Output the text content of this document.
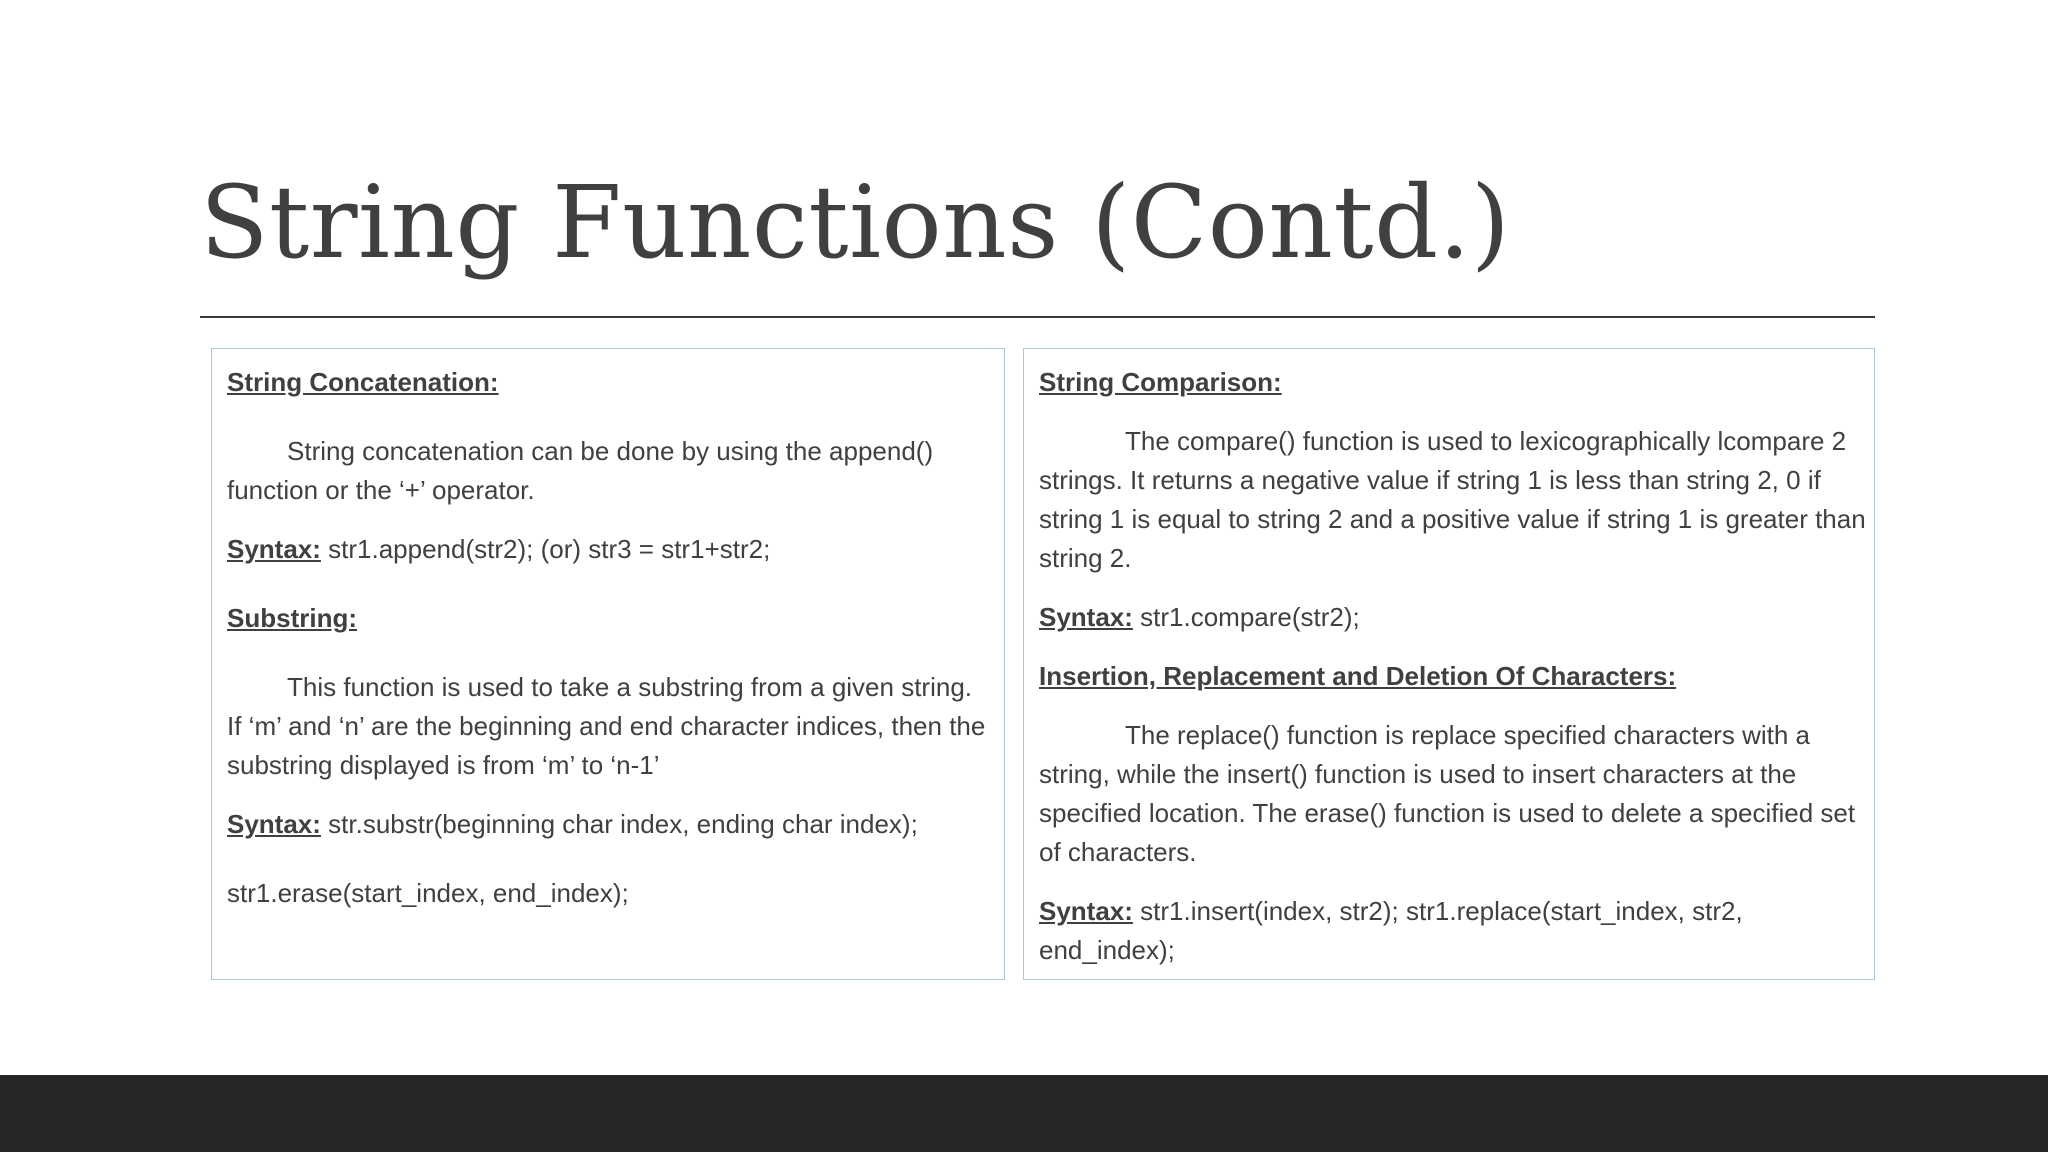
String Functions (Contd.)

String Concatenation:

String concatenation can be done by using the append() function or the ‘+’ operator.

Syntax: str1.append(str2); (or) str3 = str1+str2;

Substring:

This function is used to take a substring from a given string. If ‘m’ and ‘n’ are the beginning and end character indices, then the substring displayed is from ‘m’ to ‘n-1’

Syntax: str.substr(beginning char index, ending char index);

str1.erase(start_index, end_index);

String Comparison:

The compare() function is used to lexicographically lcompare 2 strings. It returns a negative value if string 1 is less than string 2, 0 if string 1 is equal to string 2 and a positive value if string 1 is greater than string 2.

Syntax: str1.compare(str2);

Insertion, Replacement and Deletion Of Characters:

The replace() function is replace specified characters with a string, while the insert() function is used to insert characters at the specified location. The erase() function is used to delete a specified set of characters.

Syntax: str1.insert(index, str2); str1.replace(start_index, str2, end_index);
